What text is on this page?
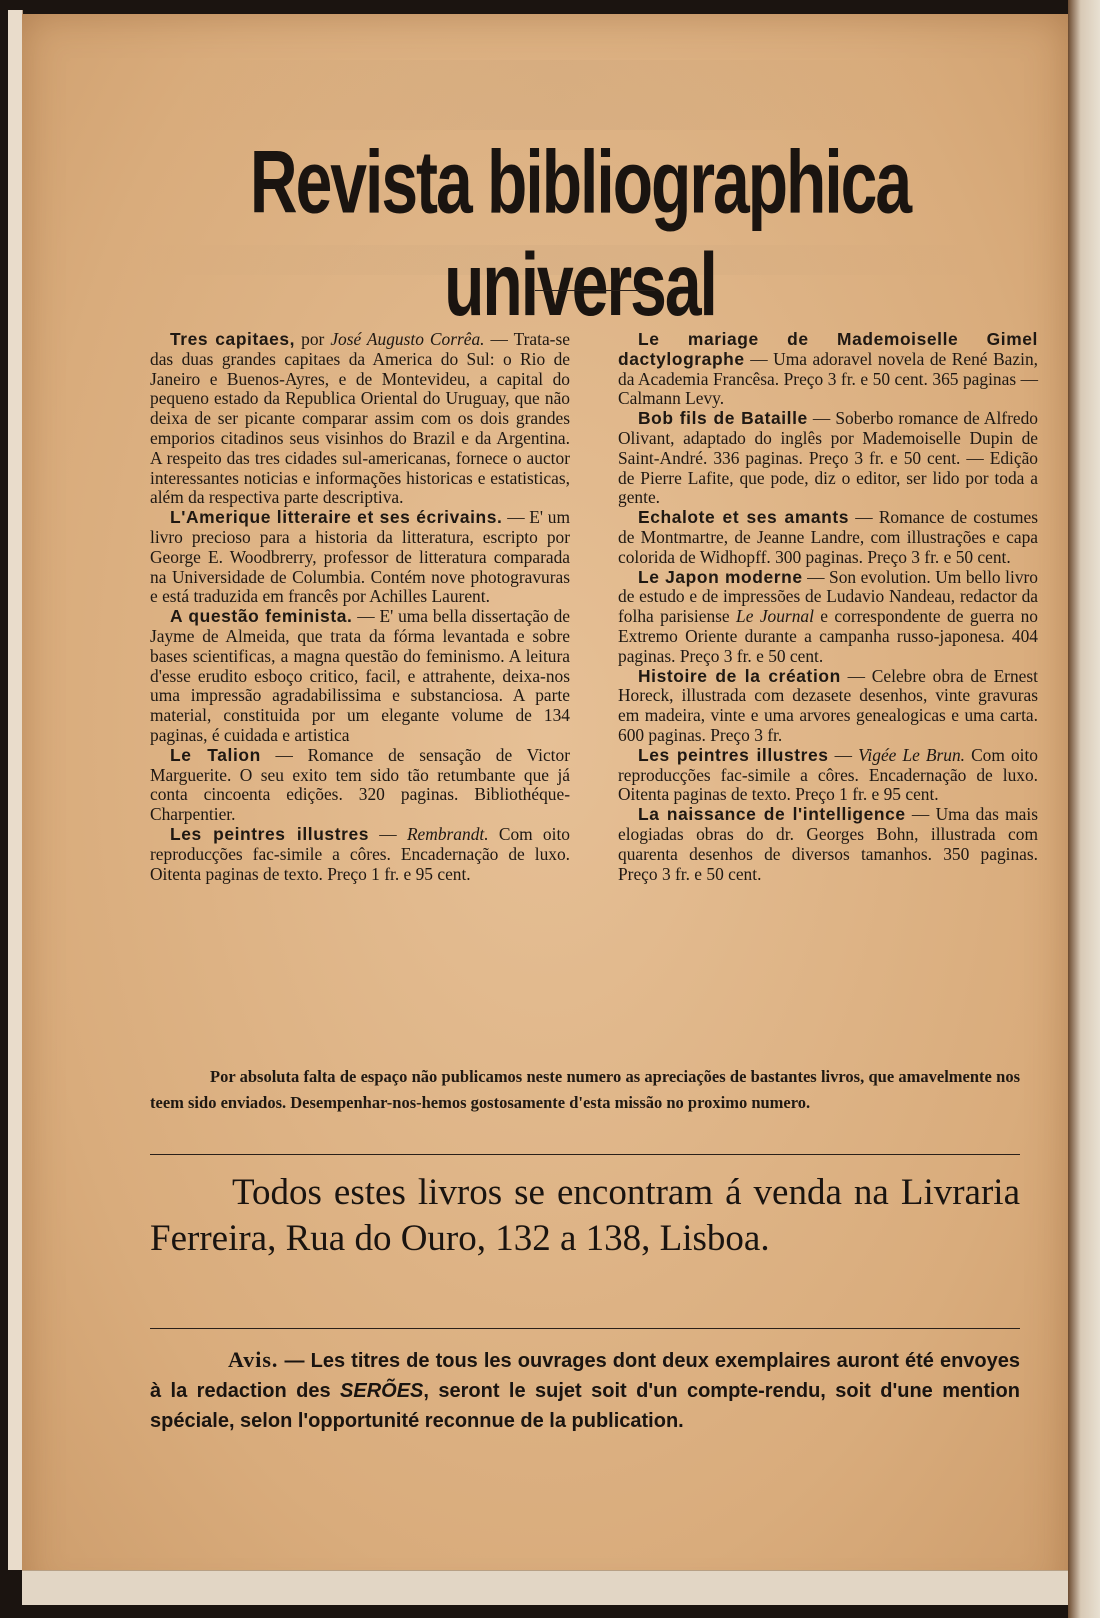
Revista bibliographica universal

Tres capitaes, por José Augusto Corrêa. — Trata-se das duas grandes capitaes da America do Sul: o Rio de Janeiro e Buenos-Ayres, e de Montevideu, a capital do pequeno estado da Republica Oriental do Uruguay, que não deixa de ser picante comparar assim com os dois grandes emporios citadinos seus visinhos do Brazil e da Argentina. A respeito das tres cidades sul-americanas, fornece o auctor interessantes noticias e informações historicas e estatisticas, além da respectiva parte descriptiva.

L'Amerique litteraire et ses écrivains. — E' um livro precioso para a historia da litteratura, escripto por George E. Woodbrerry, professor de litteratura comparada na Universidade de Columbia. Contém nove photogravuras e está traduzida em francês por Achilles Laurent.

A questão feminista. — E' uma bella dissertação de Jayme de Almeida, que trata da fórma levantada e sobre bases scientificas, a magna questão do feminismo. A leitura d'esse erudito esboço critico, facil, e attrahente, deixa-nos uma impressão agradabilissima e substanciosa. A parte material, constituida por um elegante volume de 134 paginas, é cuidada e artistica

Le Talion — Romance de sensação de Victor Marguerite. O seu exito tem sido tão retumbante que já conta cincoenta edições. 320 paginas. Bibliothéque-Charpentier.

Les peintres illustres — Rembrandt. Com oito reproducções fac-simile a côres. Encadernação de luxo. Oitenta paginas de texto. Preço 1 fr. e 95 cent.

Le mariage de Mademoiselle Gimel dactylographe — Uma adoravel novela de René Bazin, da Academia Francêsa. Preço 3 fr. e 50 cent. 365 paginas — Calmann Levy.

Bob fils de Bataille — Soberbo romance de Alfredo Olivant, adaptado do inglês por Mademoiselle Dupin de Saint-André. 336 paginas. Preço 3 fr. e 50 cent. — Edição de Pierre Lafite, que pode, diz o editor, ser lido por toda a gente.

Echalote et ses amants — Romance de costumes de Montmartre, de Jeanne Landre, com illustrações e capa colorida de Widhopff. 300 paginas. Preço 3 fr. e 50 cent.

Le Japon moderne — Son evolution. Um bello livro de estudo e de impressões de Ludavio Nandeau, redactor da folha parisiense Le Journal e correspondente de guerra no Extremo Oriente durante a campanha russo-japonesa. 404 paginas. Preço 3 fr. e 50 cent.

Histoire de la création — Celebre obra de Ernest Horeck, illustrada com dezasete desenhos, vinte gravuras em madeira, vinte e uma arvores genealogicas e uma carta. 600 paginas. Preço 3 fr.

Les peintres illustres — Vigée Le Brun. Com oito reproducções fac-simile a côres. Encadernação de luxo. Oitenta paginas de texto. Preço 1 fr. e 95 cent.

La naissance de l'intelligence — Uma das mais elogiadas obras do dr. Georges Bohn, illustrada com quarenta desenhos de diversos tamanhos. 350 paginas. Preço 3 fr. e 50 cent.

Por absoluta falta de espaço não publicamos neste numero as apreciações de bastantes livros, que amavelmente nos teem sido enviados. Desempenhar-nos-hemos gostosamente d'esta missão no proximo numero.
Todos estes livros se encontram á venda na Livraria Ferreira, Rua do Ouro, 132 a 138, Lisboa.
Avis. — Les titres de tous les ouvrages dont deux exemplaires auront été envoyes à la redaction des SERÕES, seront le sujet soit d'un compte-rendu, soit d'une mention spéciale, selon l'opportunité reconnue de la publication.
